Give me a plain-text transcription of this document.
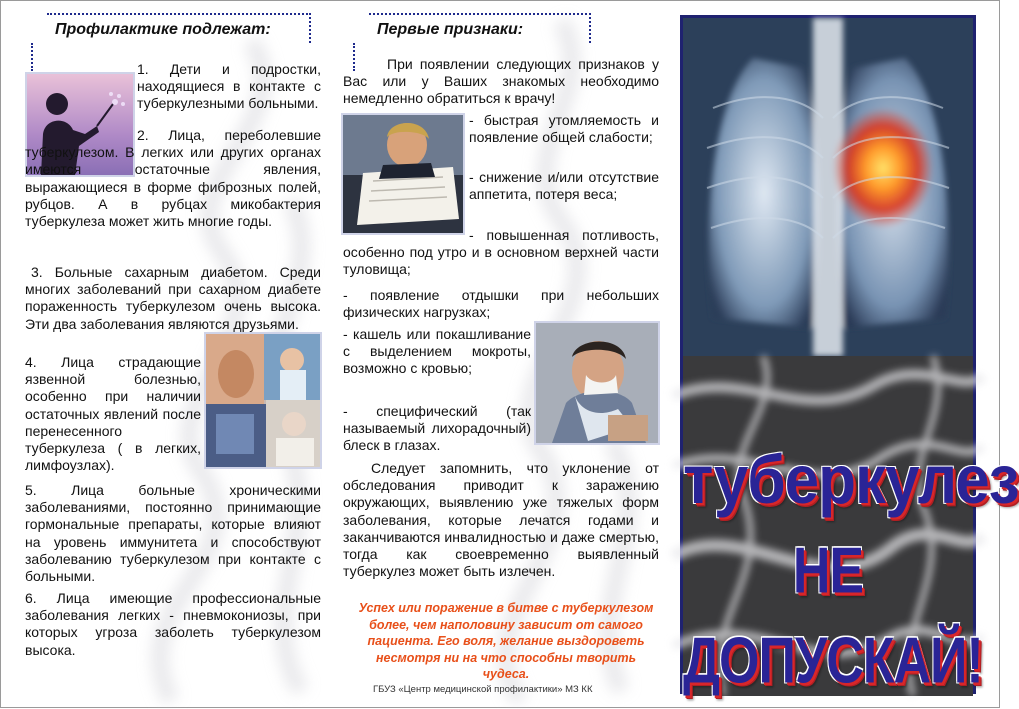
Профилактике подлежат:

1. Дети и подростки, находящиеся в контакте с туберкулезными больными.

2. Лица, переболевшие туберкулезом. В легких или других органах имеются остаточные явления, выражающиеся в форме фиброзных полей, рубцов. А в рубцах микобактерия туберкулеза может жить многие годы.

3. Больные сахарным диабетом. Среди многих заболеваний при сахарном диабете пораженность туберкулезом очень высока. Эти два заболевания являются друзьями.

4. Лица страдающие язвенной болезнью, особенно при наличии остаточных явлений после перенесенного туберкулеза ( в легких, лимфоузлах).

5. Лица больные хроническими заболеваниями, постоянно принимающие гормональные препараты, которые влияют на уровень иммунитета и способствуют заболеванию туберкулезом при контакте с больными.

6. Лица имеющие профессиональные заболевания легких - пневмокониозы, при которых угроза заболеть туберкулезом высока.

Первые признаки:

При появлении следующих признаков у Вас или у Ваших знакомых необходимо немедленно обратиться к врачу!

- быстрая утомляемость и появление общей слабости;

- снижение и/или отсутствие аппетита, потеря веса;

- повышенная потливость, особенно под утро и в основном верхней части туловища;

- появление отдышки при небольших физических нагрузках;

- кашель или покашливание с выделением мокроты, возможно с кровью;

- специфический (так называемый лихорадочный) блеск в глазах.

Следует запомнить, что уклонение от обследования приводит к заражению окружающих, выявлению уже тяжелых форм заболевания, которые лечатся годами и заканчиваются инвалидностью и даже смертью, тогда как своевременно выявленный туберкулез может быть излечен.

Успех или поражение в битве с туберкулезом более, чем наполовину зависит от самого пациента. Его воля, желание выздороветь несмотря ни на что способны творить чудеса.
ГБУЗ «Центр медицинской профилактики» МЗ КК
туберкулез
НЕ ДОПУСКАЙ!
